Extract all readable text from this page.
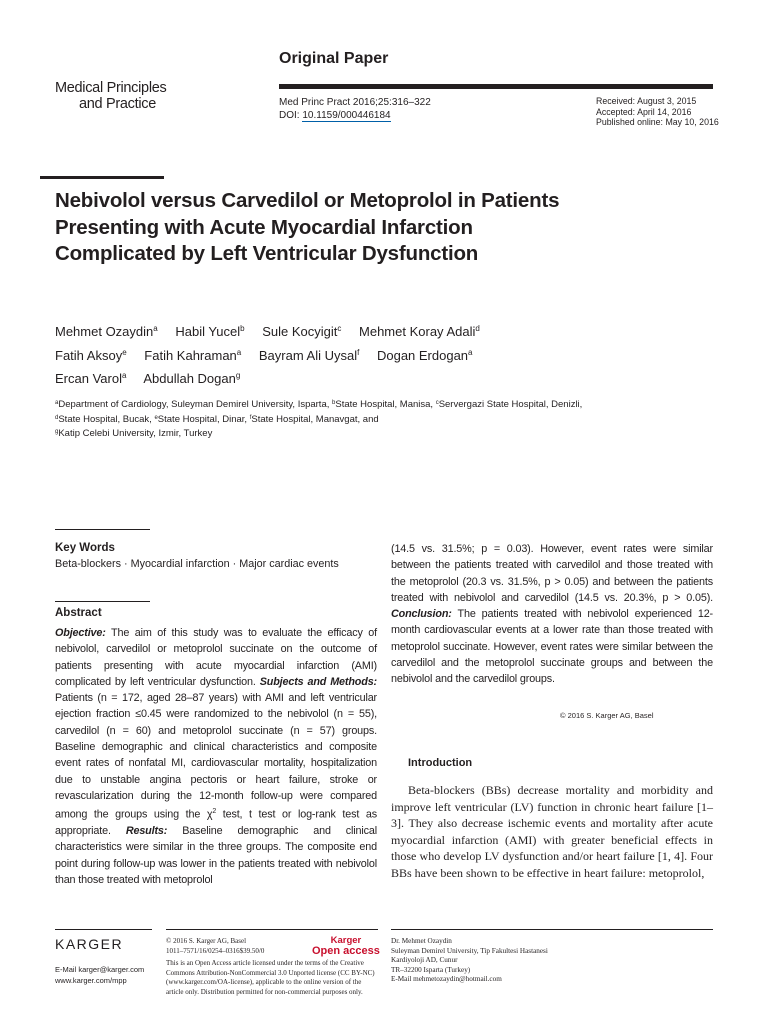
Medical Principles
and Practice
Original Paper
Med Princ Pract 2016;25:316–322
DOI: 10.1159/000446184
Received: August 3, 2015
Accepted: April 14, 2016
Published online: May 10, 2016
Nebivolol versus Carvedilol or Metoprolol in Patients Presenting with Acute Myocardial Infarction Complicated by Left Ventricular Dysfunction
Mehmet Ozaydin$^a$ Habil Yucel$^b$ Sule Kocyigit$^c$ Mehmet Koray Adali$^d$
Fatih Aksoy$^e$ Fatih Kahraman$^a$ Bayram Ali Uysal$^f$ Dogan Erdogan$^a$
Ercan Varol$^a$ Abdullah Dogan$^g$
$^a$Department of Cardiology, Suleyman Demirel University, Isparta, $^b$State Hospital, Manisa, $^c$Servergazi State Hospital, Denizli, $^d$State Hospital, Bucak, $^e$State Hospital, Dinar, $^f$State Hospital, Manavgat, and
$^g$Katip Celebi University, Izmir, Turkey
Key Words
Beta-blockers · Myocardial infarction · Major cardiac events
Abstract
Objective: The aim of this study was to evaluate the efficacy of nebivolol, carvedilol or metoprolol succinate on the outcome of patients presenting with acute myocardial infarction (AMI) complicated by left ventricular dysfunction. Subjects and Methods: Patients (n = 172, aged 28–87 years) with AMI and left ventricular ejection fraction ≤0.45 were randomized to the nebivolol (n = 55), carvedilol (n = 60) and metoprolol succinate (n = 57) groups. Baseline demographic and clinical characteristics and composite event rates of nonfatal MI, cardiovascular mortality, hospitalization due to unstable angina pectoris or heart failure, stroke or revascularization during the 12-month follow-up were compared among the groups using the $\chi^2$ test, t test or log-rank test as appropriate. Results: Baseline demographic and clinical characteristics were similar in the three groups. The composite end point during follow-up was lower in the patients treated with nebivolol than those treated with metoprolol
(14.5 vs. 31.5%; p = 0.03). However, event rates were similar between the patients treated with carvedilol and those treated with the metoprolol (20.3 vs. 31.5%, p > 0.05) and between the patients treated with nebivolol and carvedilol (14.5 vs. 20.3%, p > 0.05). Conclusion: The patients treated with nebivolol experienced 12-month cardiovascular events at a lower rate than those treated with metoprolol succinate. However, event rates were similar between the carvedilol and the metoprolol succinate groups and between the nebivolol and the carvedilol groups.
© 2016 S. Karger AG, Basel
Introduction
Beta-blockers (BBs) decrease mortality and morbidity and improve left ventricular (LV) function in chronic heart failure [1–3]. They also decrease ischemic events and mortality after acute myocardial infarction (AMI) with greater beneficial effects in those who develop LV dysfunction and/or heart failure [1, 4]. Four BBs have been shown to be effective in heart failure: metoprolol,
KARGER
E-Mail karger@karger.com
www.karger.com/mpp
© 2016 S. Karger AG, Basel
1011–7571/16/0254–0316$39.50/0
This is an Open Access article licensed under the terms of the Creative Commons Attribution-NonCommercial 3.0 Unported license (CC BY-NC) (www.karger.com/OA-license), applicable to the online version of the article only. Distribution permitted for non-commercial purposes only.
Karger
Open access
Dr. Mehmet Ozaydin
Suleyman Demirel University, Tip Fakultesi Hastanesi
Kardiyoloji AD, Cunur
TR–32200 Isparta (Turkey)
E-Mail mehmetozaydin@hotmail.com
